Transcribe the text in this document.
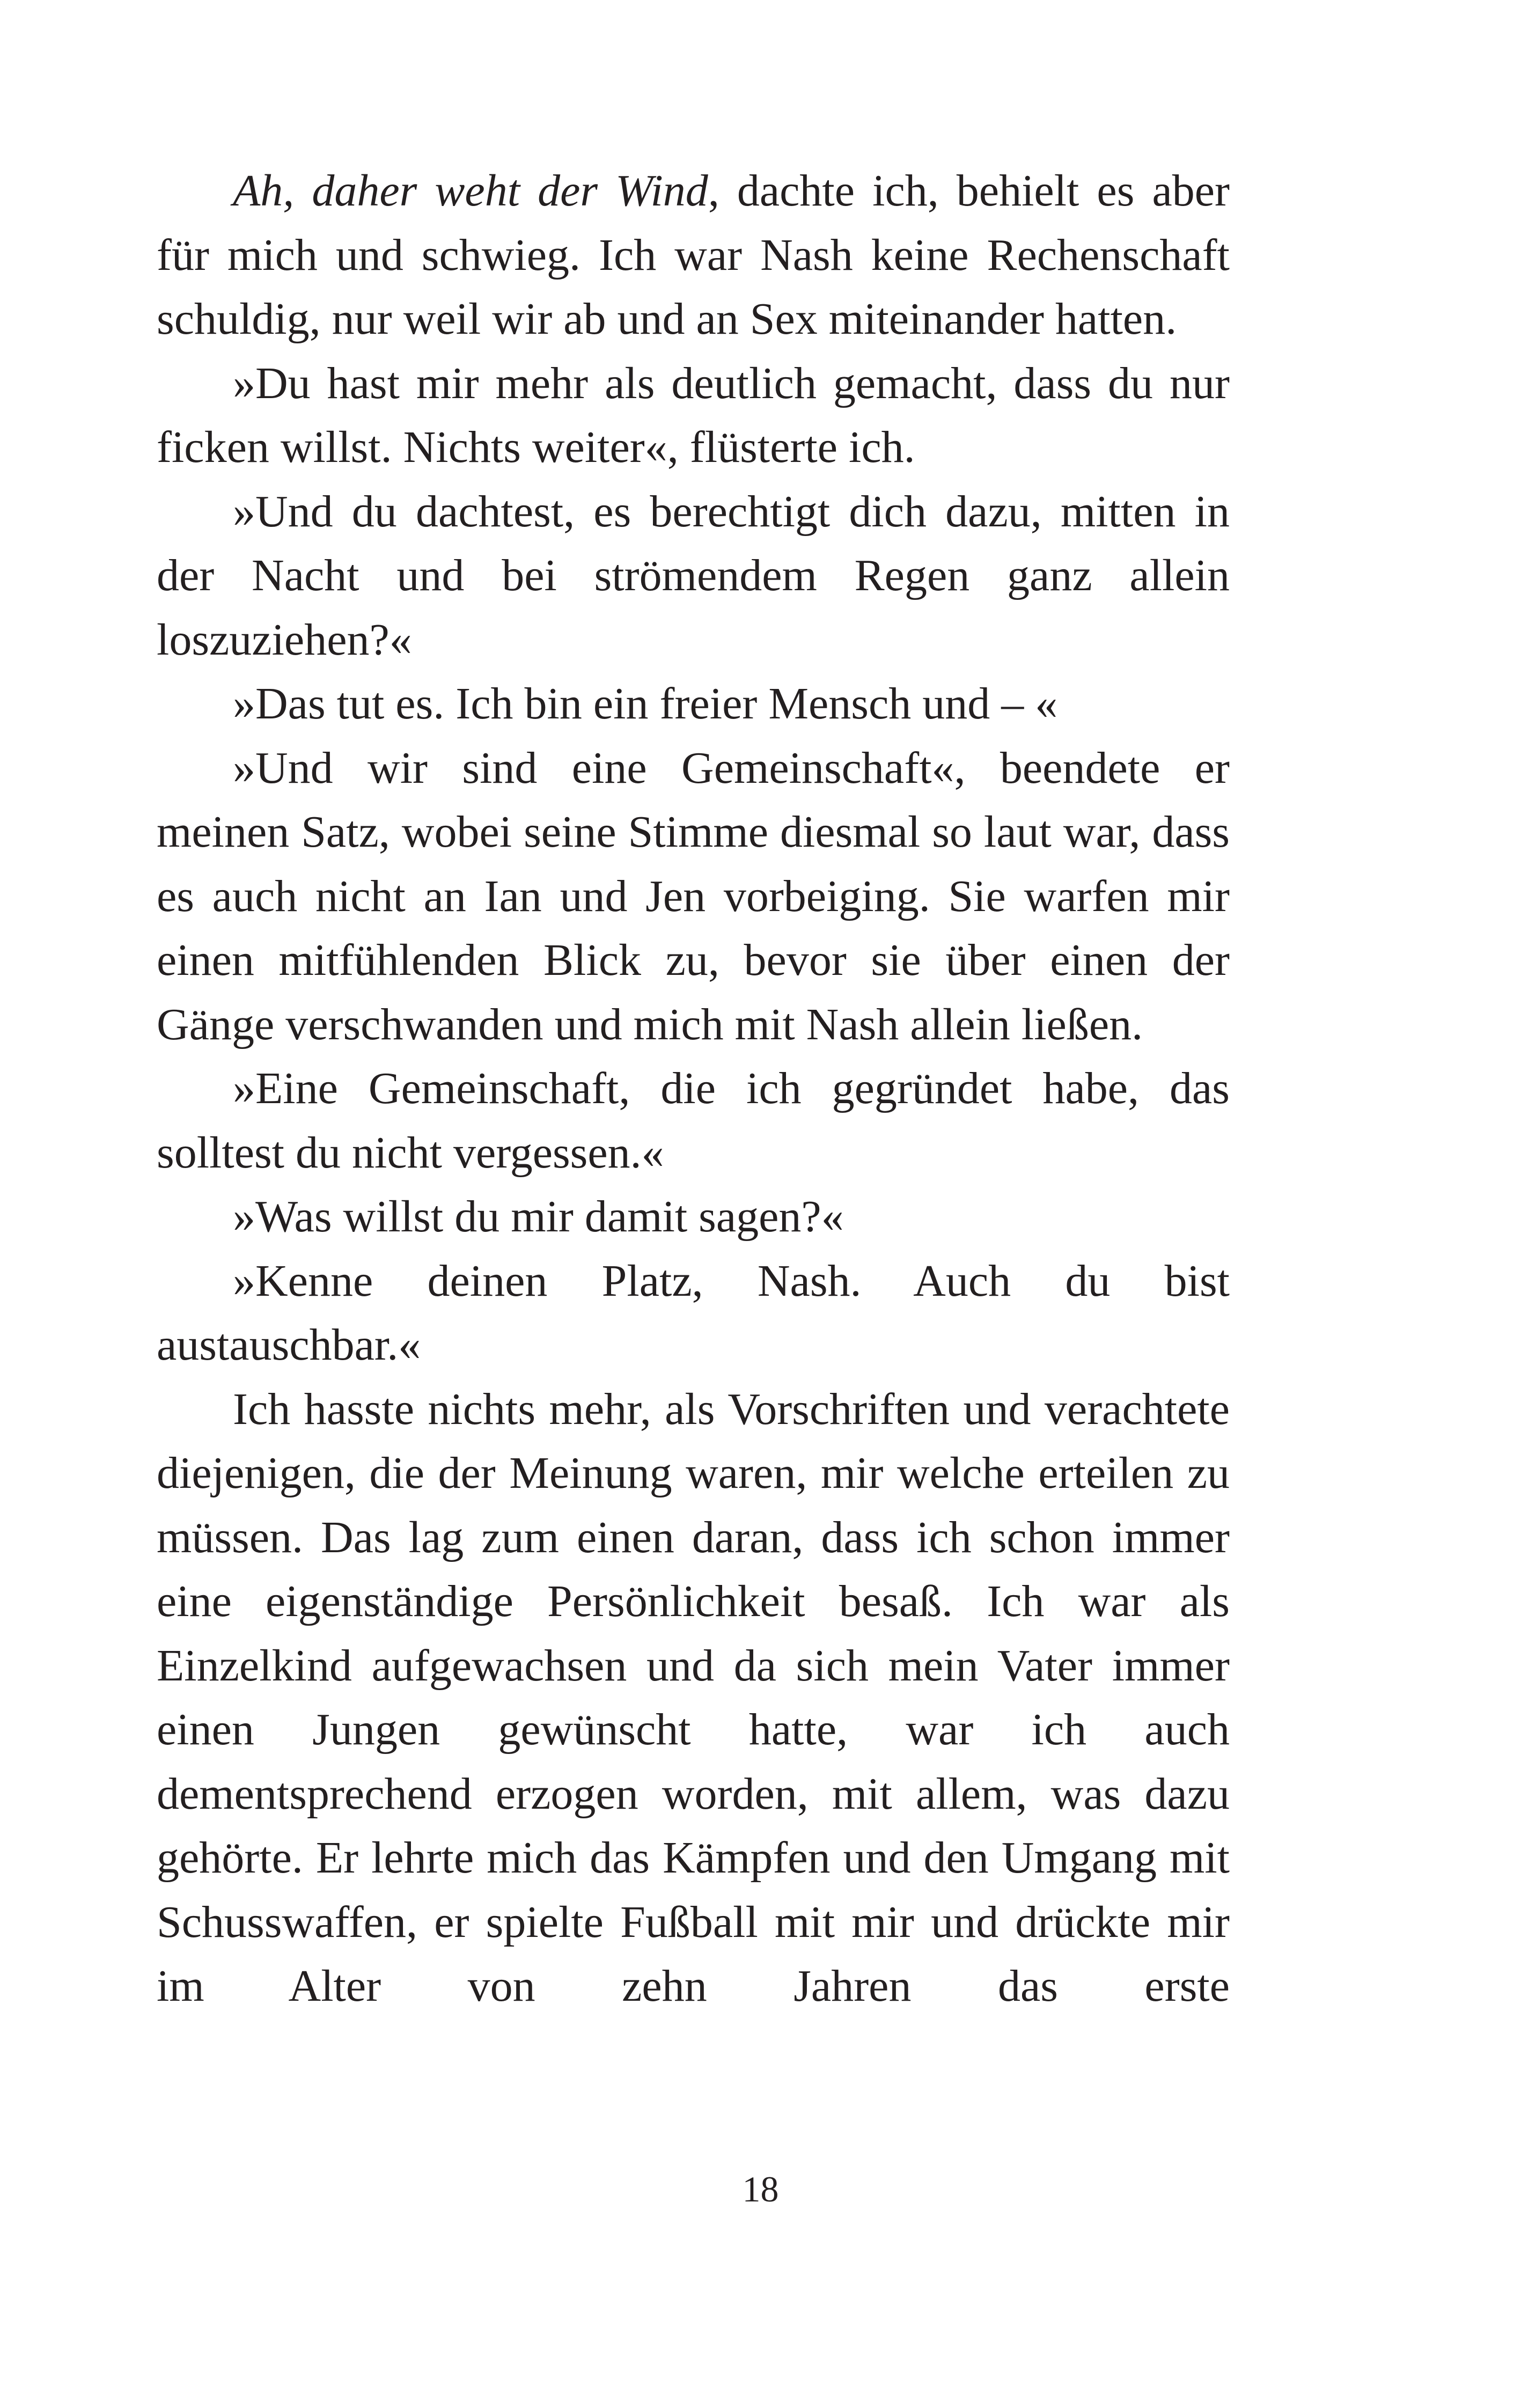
Ah, daher weht der Wind, dachte ich, behielt es aber für mich und schwieg. Ich war Nash keine Rechenschaft schuldig, nur weil wir ab und an Sex miteinander hatten.

»Du hast mir mehr als deutlich gemacht, dass du nur ficken willst. Nichts weiter«, flüsterte ich.

»Und du dachtest, es berechtigt dich dazu, mitten in der Nacht und bei strömendem Regen ganz allein loszuziehen?«

»Das tut es. Ich bin ein freier Mensch und – «

»Und wir sind eine Gemeinschaft«, beendete er meinen Satz, wobei seine Stimme diesmal so laut war, dass es auch nicht an Ian und Jen vorbeiging. Sie warfen mir einen mitfühlenden Blick zu, bevor sie über einen der Gänge verschwanden und mich mit Nash allein ließen.

»Eine Gemeinschaft, die ich gegründet habe, das solltest du nicht vergessen.«

»Was willst du mir damit sagen?«

»Kenne deinen Platz, Nash. Auch du bist austauschbar.«

Ich hasste nichts mehr, als Vorschriften und verachtete diejenigen, die der Meinung waren, mir welche erteilen zu müssen. Das lag zum einen daran, dass ich schon immer eine eigenständige Persönlichkeit besaß. Ich war als Einzelkind aufgewachsen und da sich mein Vater immer einen Jungen gewünscht hatte, war ich auch dementsprechend erzogen worden, mit allem, was dazu gehörte. Er lehrte mich das Kämpfen und den Umgang mit Schusswaffen, er spielte Fußball mit mir und drückte mir im Alter von zehn Jahren das erste

18
